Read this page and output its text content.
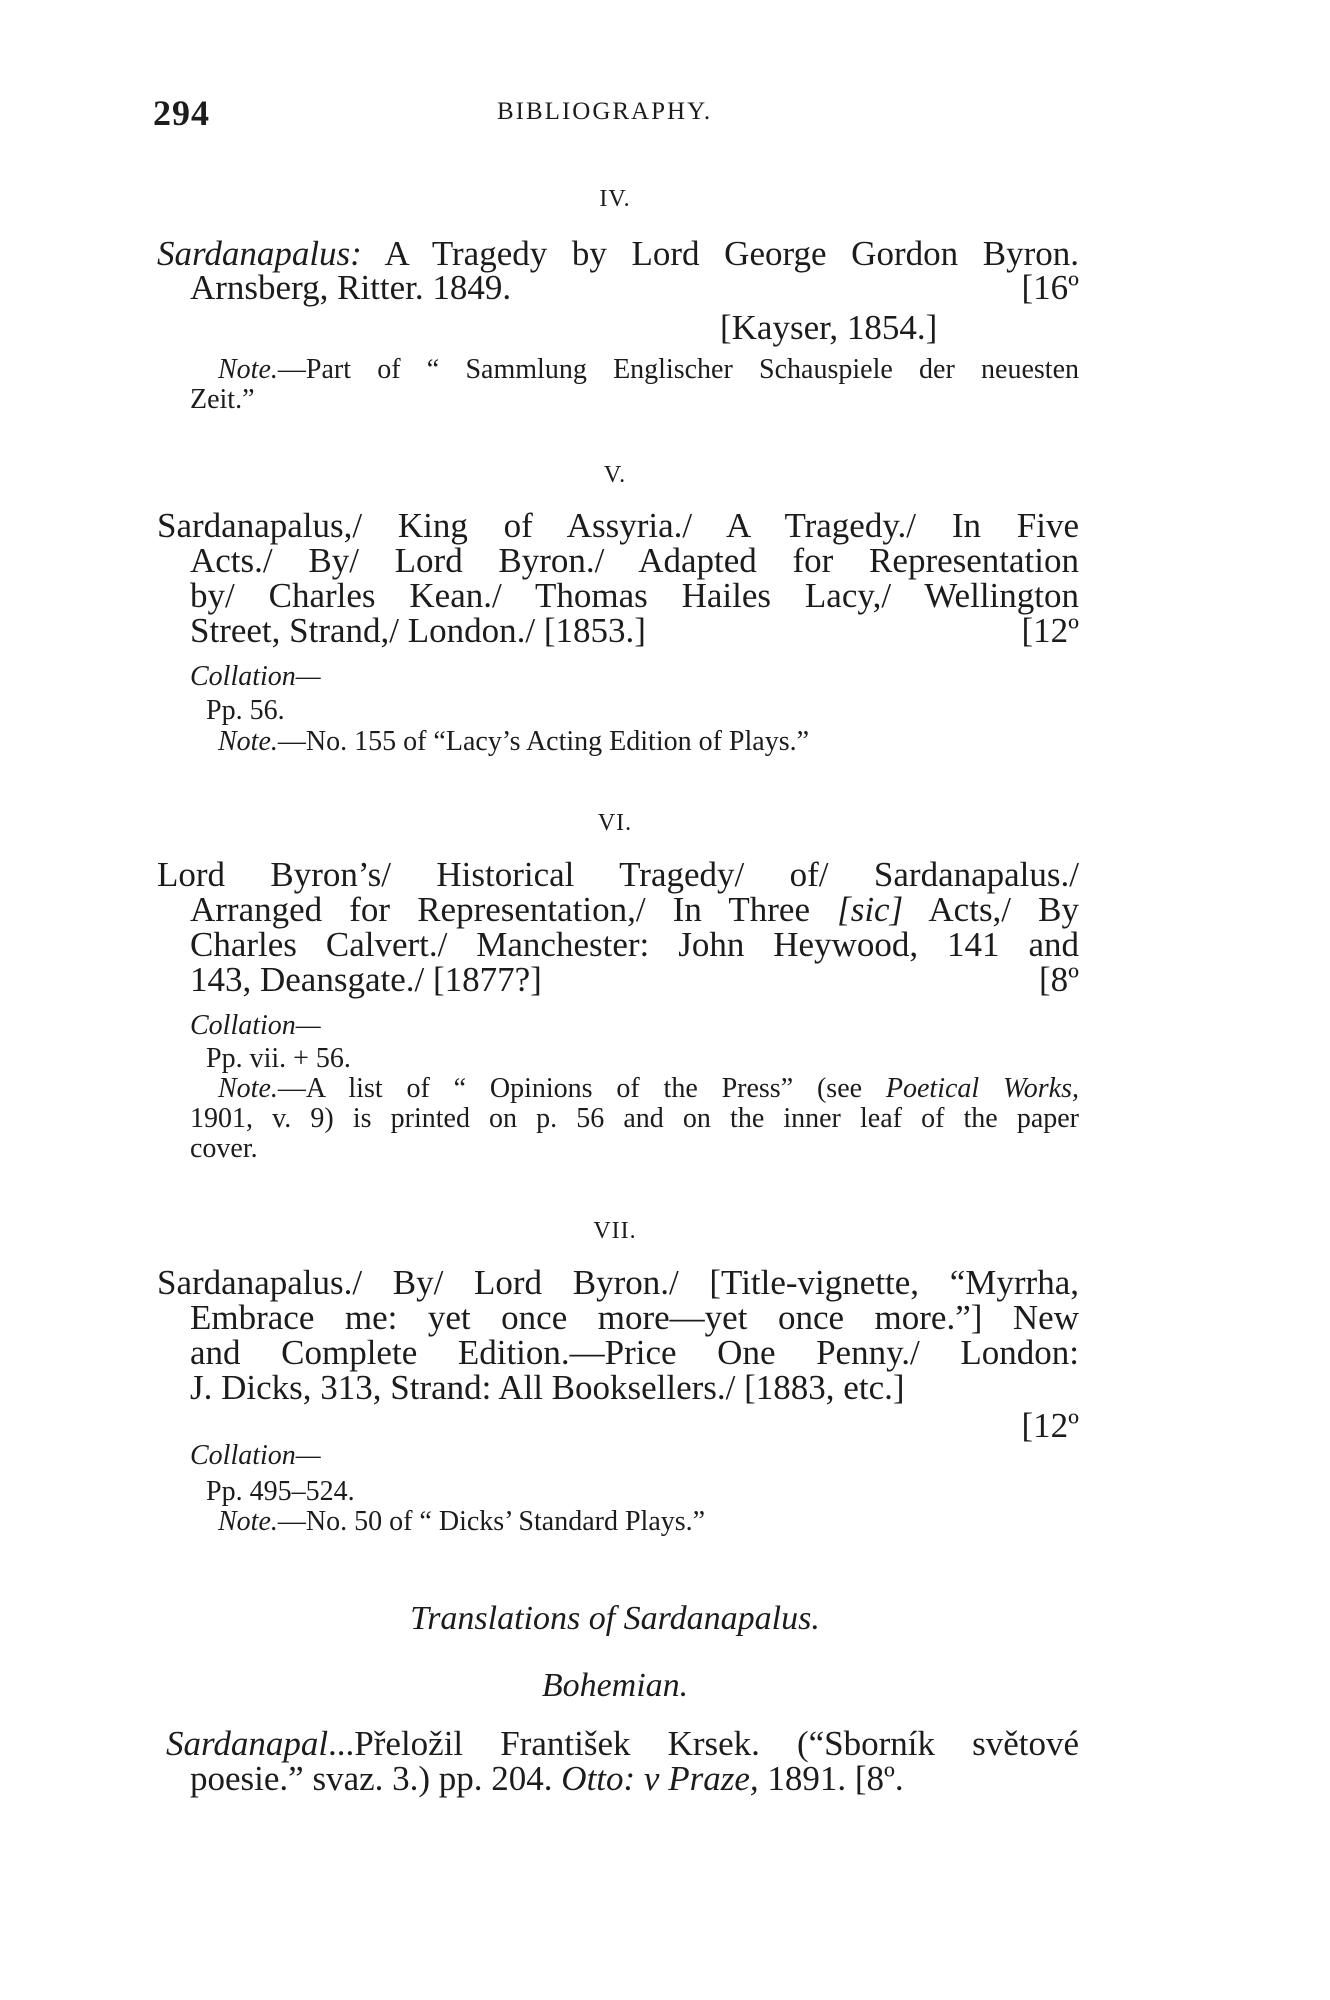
294	BIBLIOGRAPHY.
IV.
Sardanapalus: A Tragedy by Lord George Gordon Byron.
Arnsberg, Ritter. 1849.	[16º
[Kayser, 1854.]
Note.—Part of “ Sammlung Englischer Schauspiele der neuesten
Zeit.”
V.
Sardanapalus,/ King of Assyria./ A Tragedy./ In Five
Acts./ By/ Lord Byron./ Adapted for Representation
by/ Charles Kean./ Thomas Hailes Lacy,/ Wellington
Street, Strand,/ London./ [1853.]	[12º
Collation—
Pp. 56.
Note.—No. 155 of “Lacy’s Acting Edition of Plays.”
VI.
Lord Byron’s/ Historical Tragedy/ of/ Sardanapalus./
Arranged for Representation,/ In Three [sic] Acts,/ By
Charles Calvert./ Manchester: John Heywood, 141 and
143, Deansgate./ [1877?]	[8º
Collation—
Pp. vii. + 56.
Note.—A list of “ Opinions of the Press” (see Poetical Works,
1901, v. 9) is printed on p. 56 and on the inner leaf of the paper
cover.
VII.
Sardanapalus./ By/ Lord Byron./ [Title-vignette, “Myrrha,
Embrace me: yet once more—yet once more.”] New
and Complete Edition.—Price One Penny./ London:
J. Dicks, 313, Strand: All Booksellers./ [1883, etc.]
[12º
Collation—
Pp. 495–524.
Note.—No. 50 of “ Dicks’ Standard Plays.”
Translations of Sardanapalus.
Bohemian.
Sardanapal...Přeložil František Krsek. (“Sborník světové
poesie.” svaz. 3.) pp. 204. Otto: v Praze, 1891. [8º.
